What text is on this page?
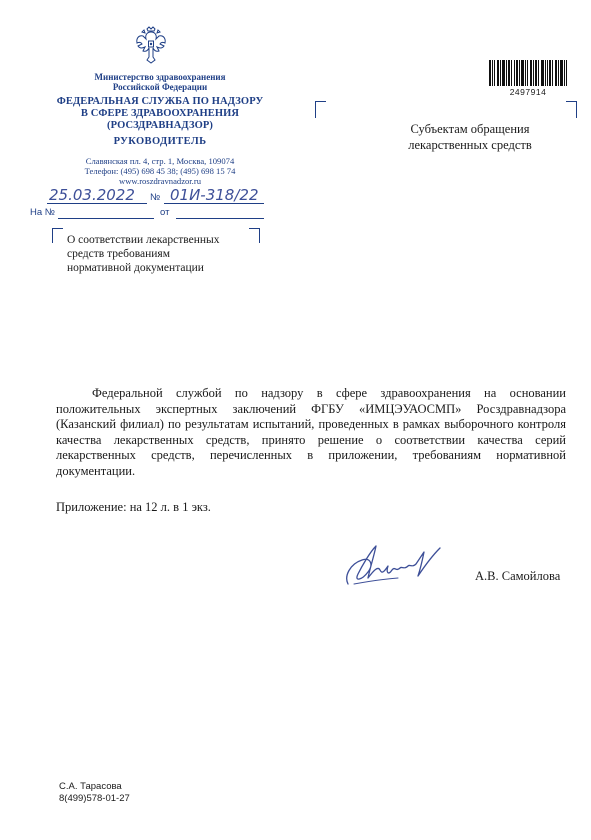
Министерство здравоохранения
Российской Федерации
ФЕДЕРАЛЬНАЯ СЛУЖБА ПО НАДЗОРУ
В СФЕРЕ ЗДРАВООХРАНЕНИЯ
(РОСЗДРАВНАДЗОР)
РУКОВОДИТЕЛЬ
Славянская пл. 4, стр. 1, Москва, 109074
Телефон: (495) 698 45 38; (495) 698 15 74
www.roszdravnadzor.ru
2497914
25.03.2022 № 01И-318/22
На №	от
Субъектам обращения
лекарственных средств
О соответствии лекарственных
средств требованиям
нормативной документации

Федеральной службой по надзору в сфере здравоохранения на основании положительных экспертных заключений ФГБУ «ИМЦЭУАОСМП» Росздравнадзора (Казанский филиал) по результатам испытаний, проведенных в рамках выборочного контроля качества лекарственных средств, принято решение о соответствии качества серий лекарственных средств, перечисленных в приложении, требованиям нормативной документации.

Приложение: на 12 л. в 1 экз.
А.В. Самойлова
С.А. Тарасова
8(499)578-01-27
